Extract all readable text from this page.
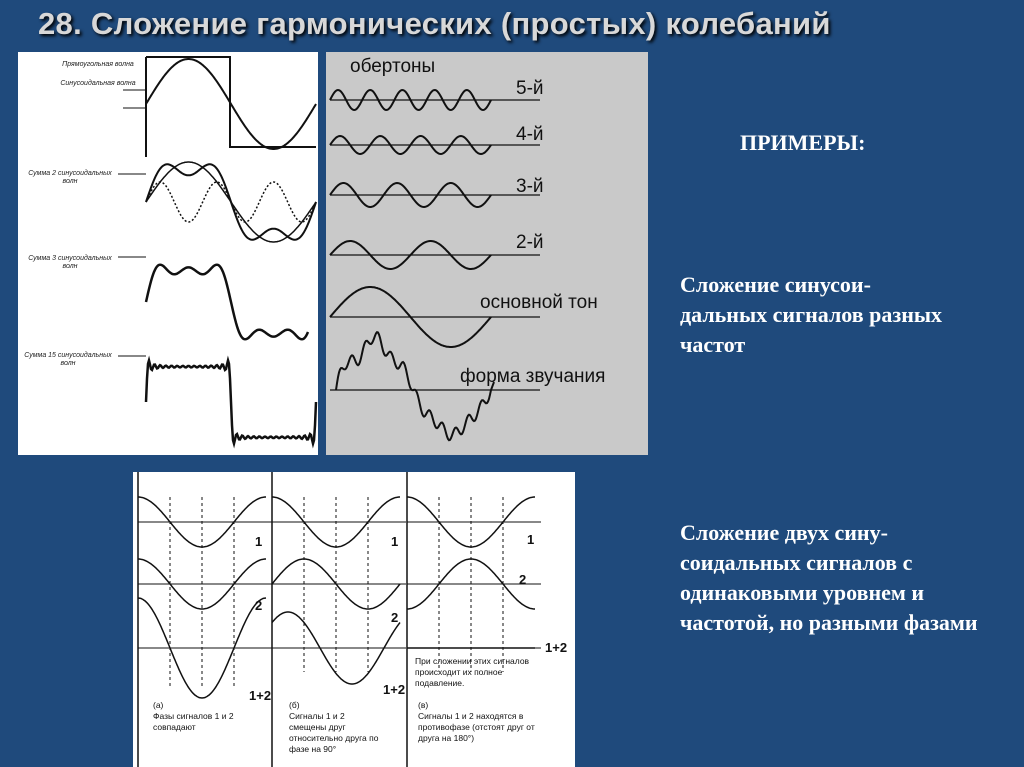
28. Сложение гармонических (простых) колебаний
Прямоугольная волна
Синусоидальная волна
Сумма 2 синусоидальных волн
Сумма 3 синусоидальных волн
Сумма 15 синусоидальных волн
обертоны
5-й
4-й
3-й
2-й
основной тон
форма звучания
1
2
1+2
1
2
1+2
1
2
1+2
При сложении этих сигналов происходит их полное подавление.
(а)
Фазы сигналов 1 и 2 совпадают
(б)
Сигналы 1 и 2 смещены друг относительно друга по фазе на 90°
(в)
Сигналы 1 и 2 находятся в противофазе (отстоят друг от друга на 180°)
ПРИМЕРЫ:
Сложение синусои-дальных сигналов разных частот
Сложение двух сину-соидальных сигналов с одинаковыми уровнем и частотой, но разными фазами
